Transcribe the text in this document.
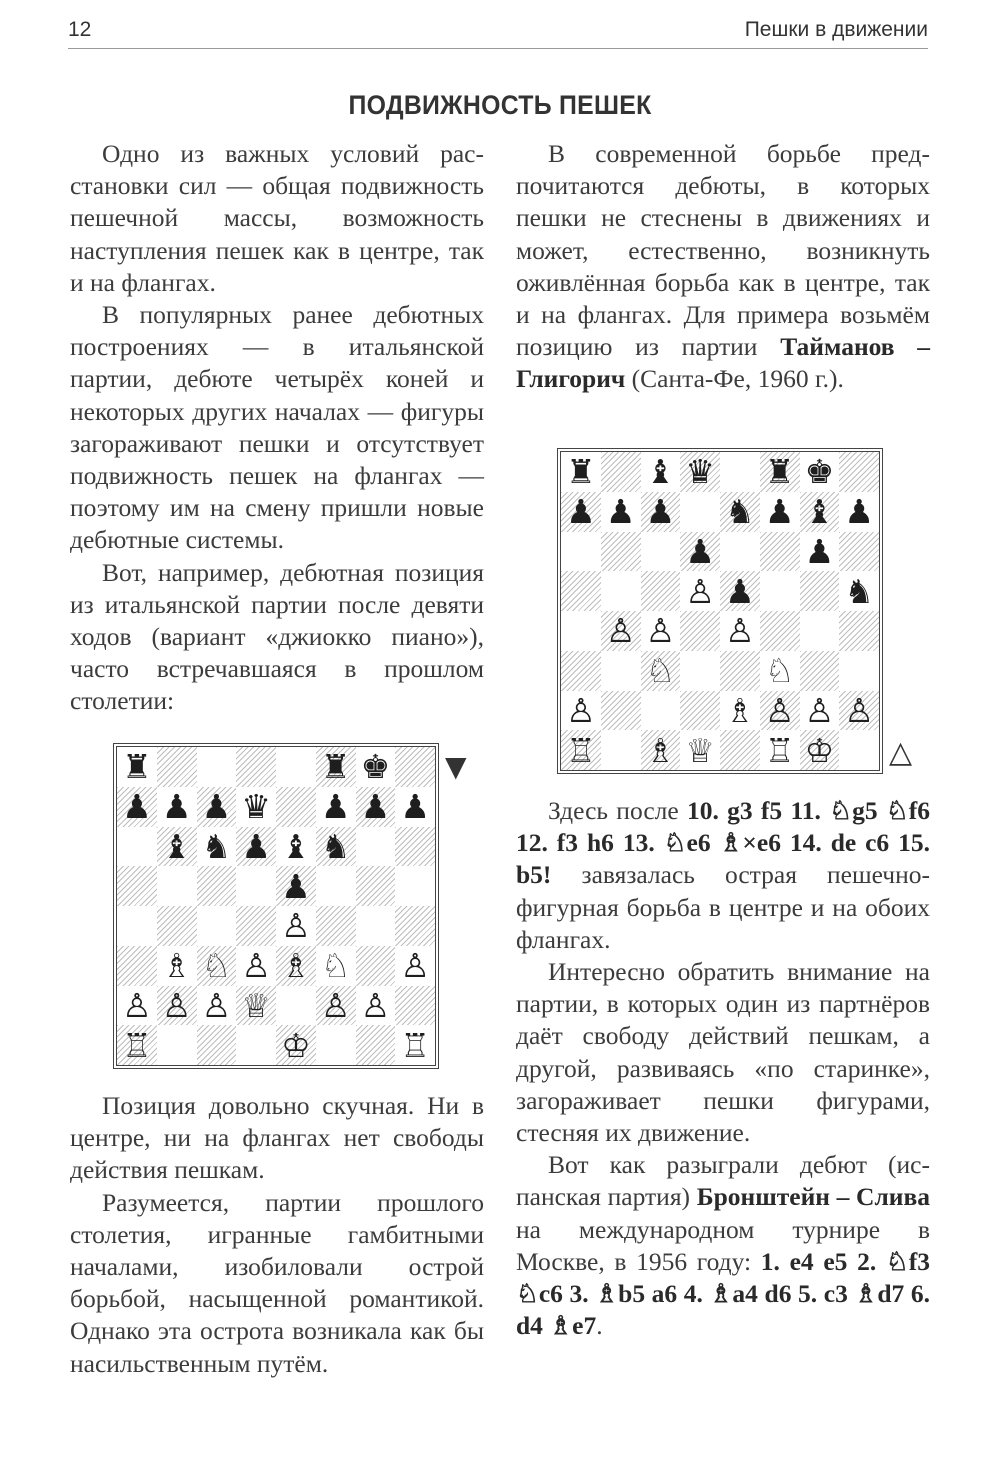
12	Пешки в движении
ПОДВИЖНОСТЬ ПЕШЕК

Одно из важных условий расстановки сил — общая подвижность пешечной массы, возможность наступления пешек как в центре, так и на флангах.

В популярных ранее дебютных построениях — в итальянской партии, дебюте четырёх коней и некоторых других началах — фигуры загораживают пешки и отсутствует подвижность пешек на флангах — поэтому им на смену пришли новые дебютные системы.

Вот, например, дебютная позиция из итальянской партии после девяти ходов (вариант «джиокко пиано»), часто встречавшаяся в прошлом столетии:

♜	♜ ♚
♟ ♟ ♟ ♛ ♟ ♟ ♟
♝ ♞ ♟ ♝ ♞
♟
♙
♗ ♘ ♙ ♗ ♘ ♙
♙ ♙ ♙ ♕ ♙ ♙
♖	♔	♖
▼

Позиция довольно скучная. Ни в центре, ни на флангах нет свободы действия пешкам.

Разумеется, партии прошлого столетия, игранные гамбитными началами, изобиловали острой борьбой, насыщенной романтикой. Однако эта острота возникала как бы насильственным путём.

В современной борьбе предпочитаются дебюты, в которых пешки не стеснены в движениях и может, естественно, возникнуть оживлённая борьба как в центре, так и на флангах. Для примера возьмём позицию из партии Тайманов – Глигорич (Санта-Фе, 1960 г.).

♜ ♝ ♛ ♜ ♚
♟ ♟ ♟ ♞ ♟ ♝ ♟
♟	♟
♙ ♟	♞
♙ ♙ ♙
♘	♘
♙	♗ ♙ ♙ ♙
♖ ♗ ♕ ♖ ♔ △

Здесь после 10. g3 f5 11. ♘g5 ♘f6 12. f3 h6 13. ♘e6 ♗×e6 14. de c6 15. b5! завязалась острая пешечно-фигурная борьба в центре и на обоих флангах.

Интересно обратить внимание на партии, в которых один из партнёров даёт свободу действий пешкам, а другой, развиваясь «по старинке», загораживает пешки фигурами, стесняя их движение.

Вот как разыграли дебют (испанская партия) Бронштейн – Слива на международном турнире в Москве, в 1956 году: 1. e4 e5 2. ♘f3 ♘c6 3. ♗b5 a6 4. ♗a4 d6 5. c3 ♗d7 6. d4 ♗e7.
